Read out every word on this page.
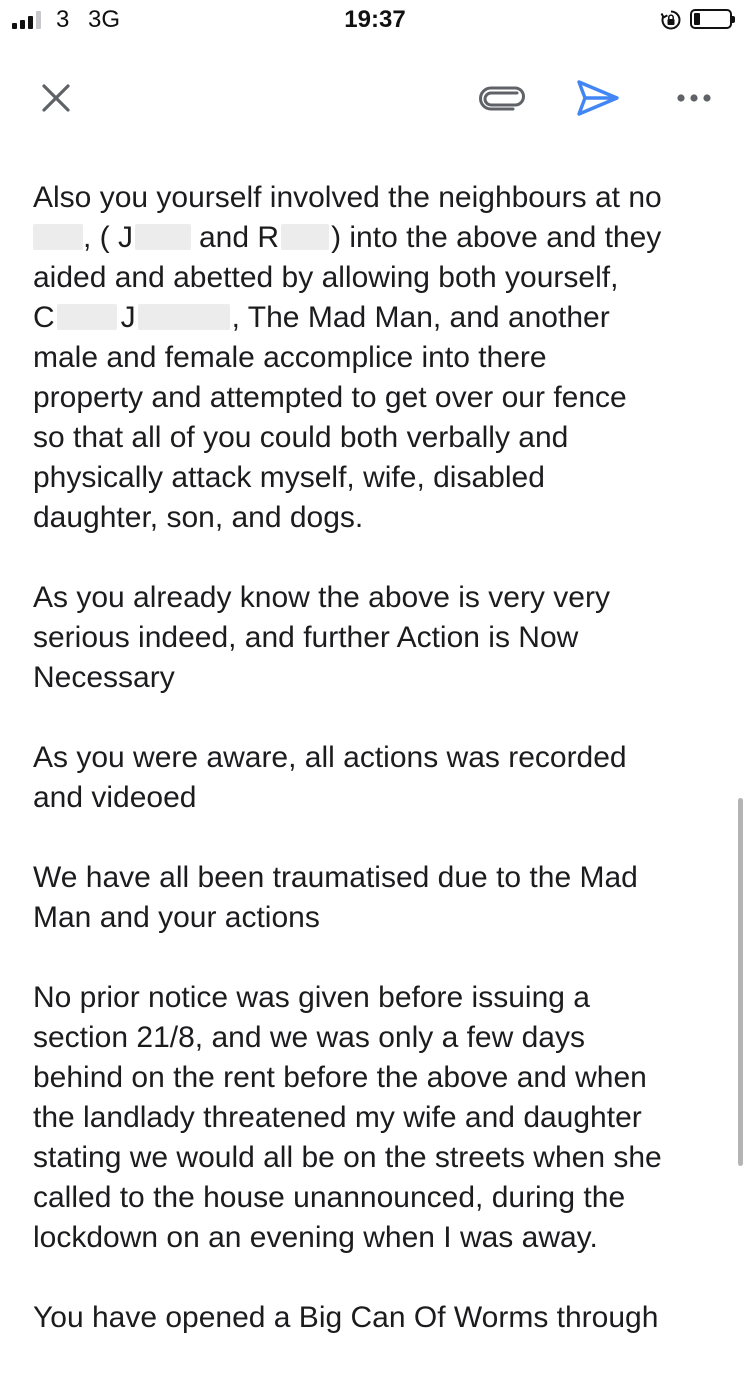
3 3G	19:37

Also you yourself involved the neighbours at no
, ( J and R ) into the above and they
aided and abetted by allowing both yourself,
C J	, The Mad Man, and another
male and female accomplice into there
property and attempted to get over our fence
so that all of you could both verbally and
physically attack myself, wife, disabled
daughter, son, and dogs.

As you already know the above is very very
serious indeed, and further Action is Now
Necessary

As you were aware, all actions was recorded
and videoed

We have all been traumatised due to the Mad
Man and your actions

No prior notice was given before issuing a
section 21/8, and we was only a few days
behind on the rent before the above and when
the landlady threatened my wife and daughter
stating we would all be on the streets when she
called to the house unannounced, during the
lockdown on an evening when I was away.

You have opened a Big Can Of Worms through
